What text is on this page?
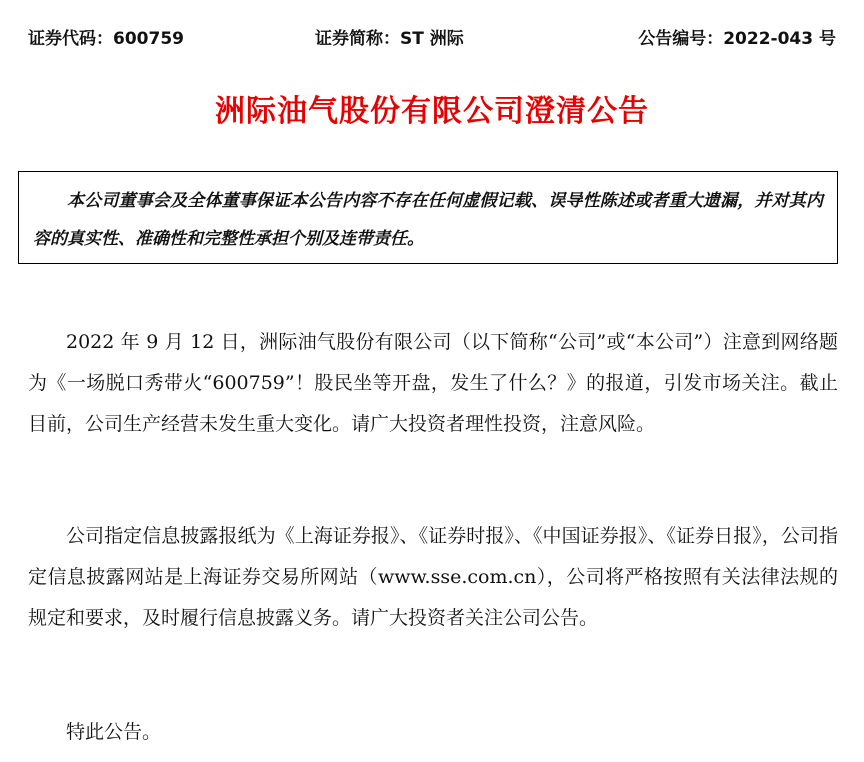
证券代码：600759	证券简称：ST 洲际	公告编号：2022-043 号
洲际油气股份有限公司澄清公告

本公司董事会及全体董事保证本公告内容不存在任何虚假记载、误导性陈述或者重大遗漏，并对其内容的真实性、准确性和完整性承担个别及连带责任。

2022 年 9 月 12 日，洲际油气股份有限公司（以下简称“公司”或“本公司”）注意到网络题为《一场脱口秀带火“600759”！股民坐等开盘，发生了什么？》的报道，引发市场关注。截止目前，公司生产经营未发生重大变化。请广大投资者理性投资，注意风险。

公司指定信息披露报纸为《上海证券报》、《证券时报》、《中国证券报》、《证券日报》，公司指定信息披露网站是上海证券交易所网站（www.sse.com.cn），公司将严格按照有关法律法规的规定和要求，及时履行信息披露义务。请广大投资者关注公司公告。

特此公告。
